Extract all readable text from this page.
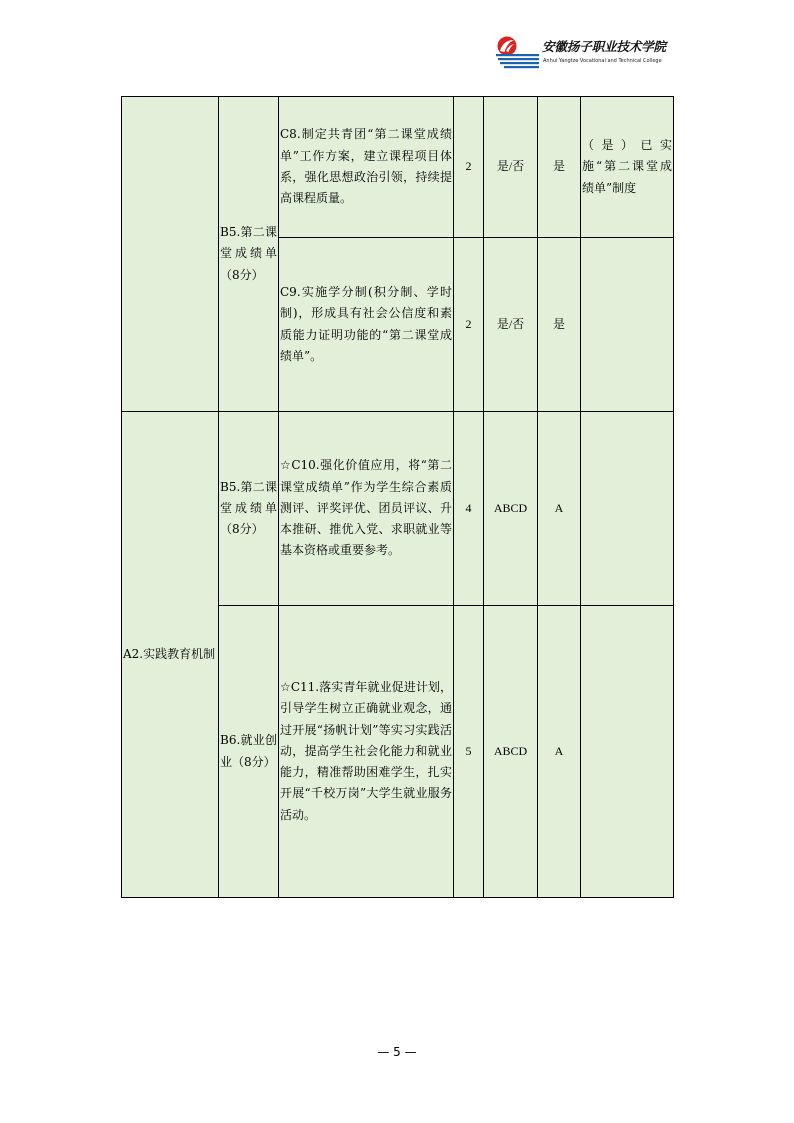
安徽扬子职业技术学院
Anhui Yangtze Vocational and Technical College
	B5.第二课堂成绩单（8分）	C8.制定共青团“第二课堂成绩单”工作方案，建立课程项目体系，强化思想政治引领，持续提高课程质量。	2	是/否	是	（是）已实施“第二课堂成绩单”制度
		C9.实施学分制(积分制、学时制)，形成具有社会公信度和素质能力证明功能的“第二课堂成绩单”。	2	是/否	是	
A2.实践教育机制	B5.第二课堂成绩单（8分）	☆C10.强化价值应用，将“第二课堂成绩单”作为学生综合素质测评、评奖评优、团员评议、升本推研、推优入党、求职就业等基本资格或重要参考。	4	ABCD	A	
	B6.就业创业（8分）	☆C11.落实青年就业促进计划，引导学生树立正确就业观念，通过开展“扬帆计划”等实习实践活动，提高学生社会化能力和就业能力，精准帮助困难学生，扎实开展“千校万岗”大学生就业服务活动。	5	ABCD	A	
— 5 —
